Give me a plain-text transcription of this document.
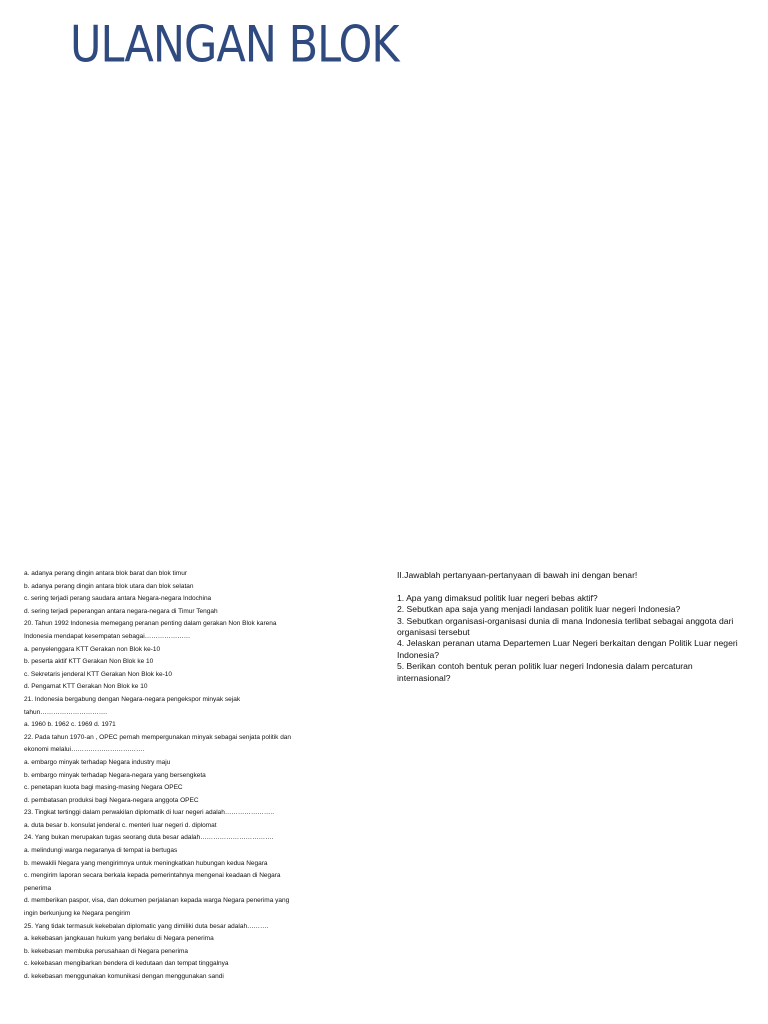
ULANGAN BLOK
a. adanya perang dingin antara blok barat dan blok timur
b. adanya perang dingin antara blok utara dan blok selatan
c. sering terjadi perang saudara antara Negara-negara Indochina
d. sering terjadi peperangan antara negara-negara di Timur Tengah
20. Tahun 1992 Indonesia memegang peranan penting dalam gerakan Non Blok karena
Indonesia mendapat kesempatan sebagai…………………
a. penyelenggara KTT Gerakan non Blok ke-10
b. peserta aktif KTT Gerakan Non Blok ke 10
c. Sekretaris jenderal KTT Gerakan Non Blok ke-10
d. Pengamat KTT Gerakan Non Blok ke 10
21. Indonesia bergabung dengan Negara-negara pengekspor minyak sejak
tahun………………………….
a. 1960 b. 1962 c. 1969 d. 1971
22. Pada tahun 1970-an , OPEC pernah mempergunakan minyak sebagai senjata politik dan
ekonomi melalui…………………………….
a. embargo minyak terhadap Negara industry maju
b. embargo minyak terhadap Negara-negara yang bersengketa
c. penetapan kuota bagi masing-masing Negara OPEC
d. pembatasan produksi bagi Negara-negara anggota OPEC
23. Tingkat tertinggi dalam perwakilan diplomatik di luar negeri adalah…………………..
a. duta besar b. konsulat jenderal c. menteri luar negeri d. diplomat
24. Yang bukan merupakan tugas seorang duta besar adalah…………………………….
a. melindungi warga negaranya di tempat ia bertugas
b. mewakili Negara yang mengirimnya untuk meningkatkan hubungan kedua Negara
c. mengirim laporan secara berkala kepada pemerintahnya mengenai keadaan di Negara
penerima
d. memberikan paspor, visa, dan dokumen perjalanan kepada warga Negara penerima yang
ingin berkunjung ke Negara pengirim
25. Yang tidak termasuk kekebalan diplomatic yang dimiliki duta besar adalah……….
a. kekebasan jangkauan hukum yang berlaku di Negara penerima
b. kekebasan membuka perusahaan di Negara penerima
c. kekebasan mengibarkan bendera di kedutaan dan tempat tinggalnya
d. kekebasan menggunakan komunikasi dengan menggunakan sandi
II.Jawablah pertanyaan-pertanyaan di bawah ini dengan benar!

1. Apa yang dimaksud politik luar negeri bebas aktif?
2. Sebutkan apa saja yang menjadi landasan politik luar negeri Indonesia?
3. Sebutkan organisasi-organisasi dunia di mana Indonesia terlibat sebagai anggota dari organisasi tersebut
4. Jelaskan peranan utama Departemen Luar Negeri berkaitan dengan Politik Luar negeri Indonesia?
5. Berikan contoh bentuk peran politik luar negeri Indonesia dalam percaturan internasional?
